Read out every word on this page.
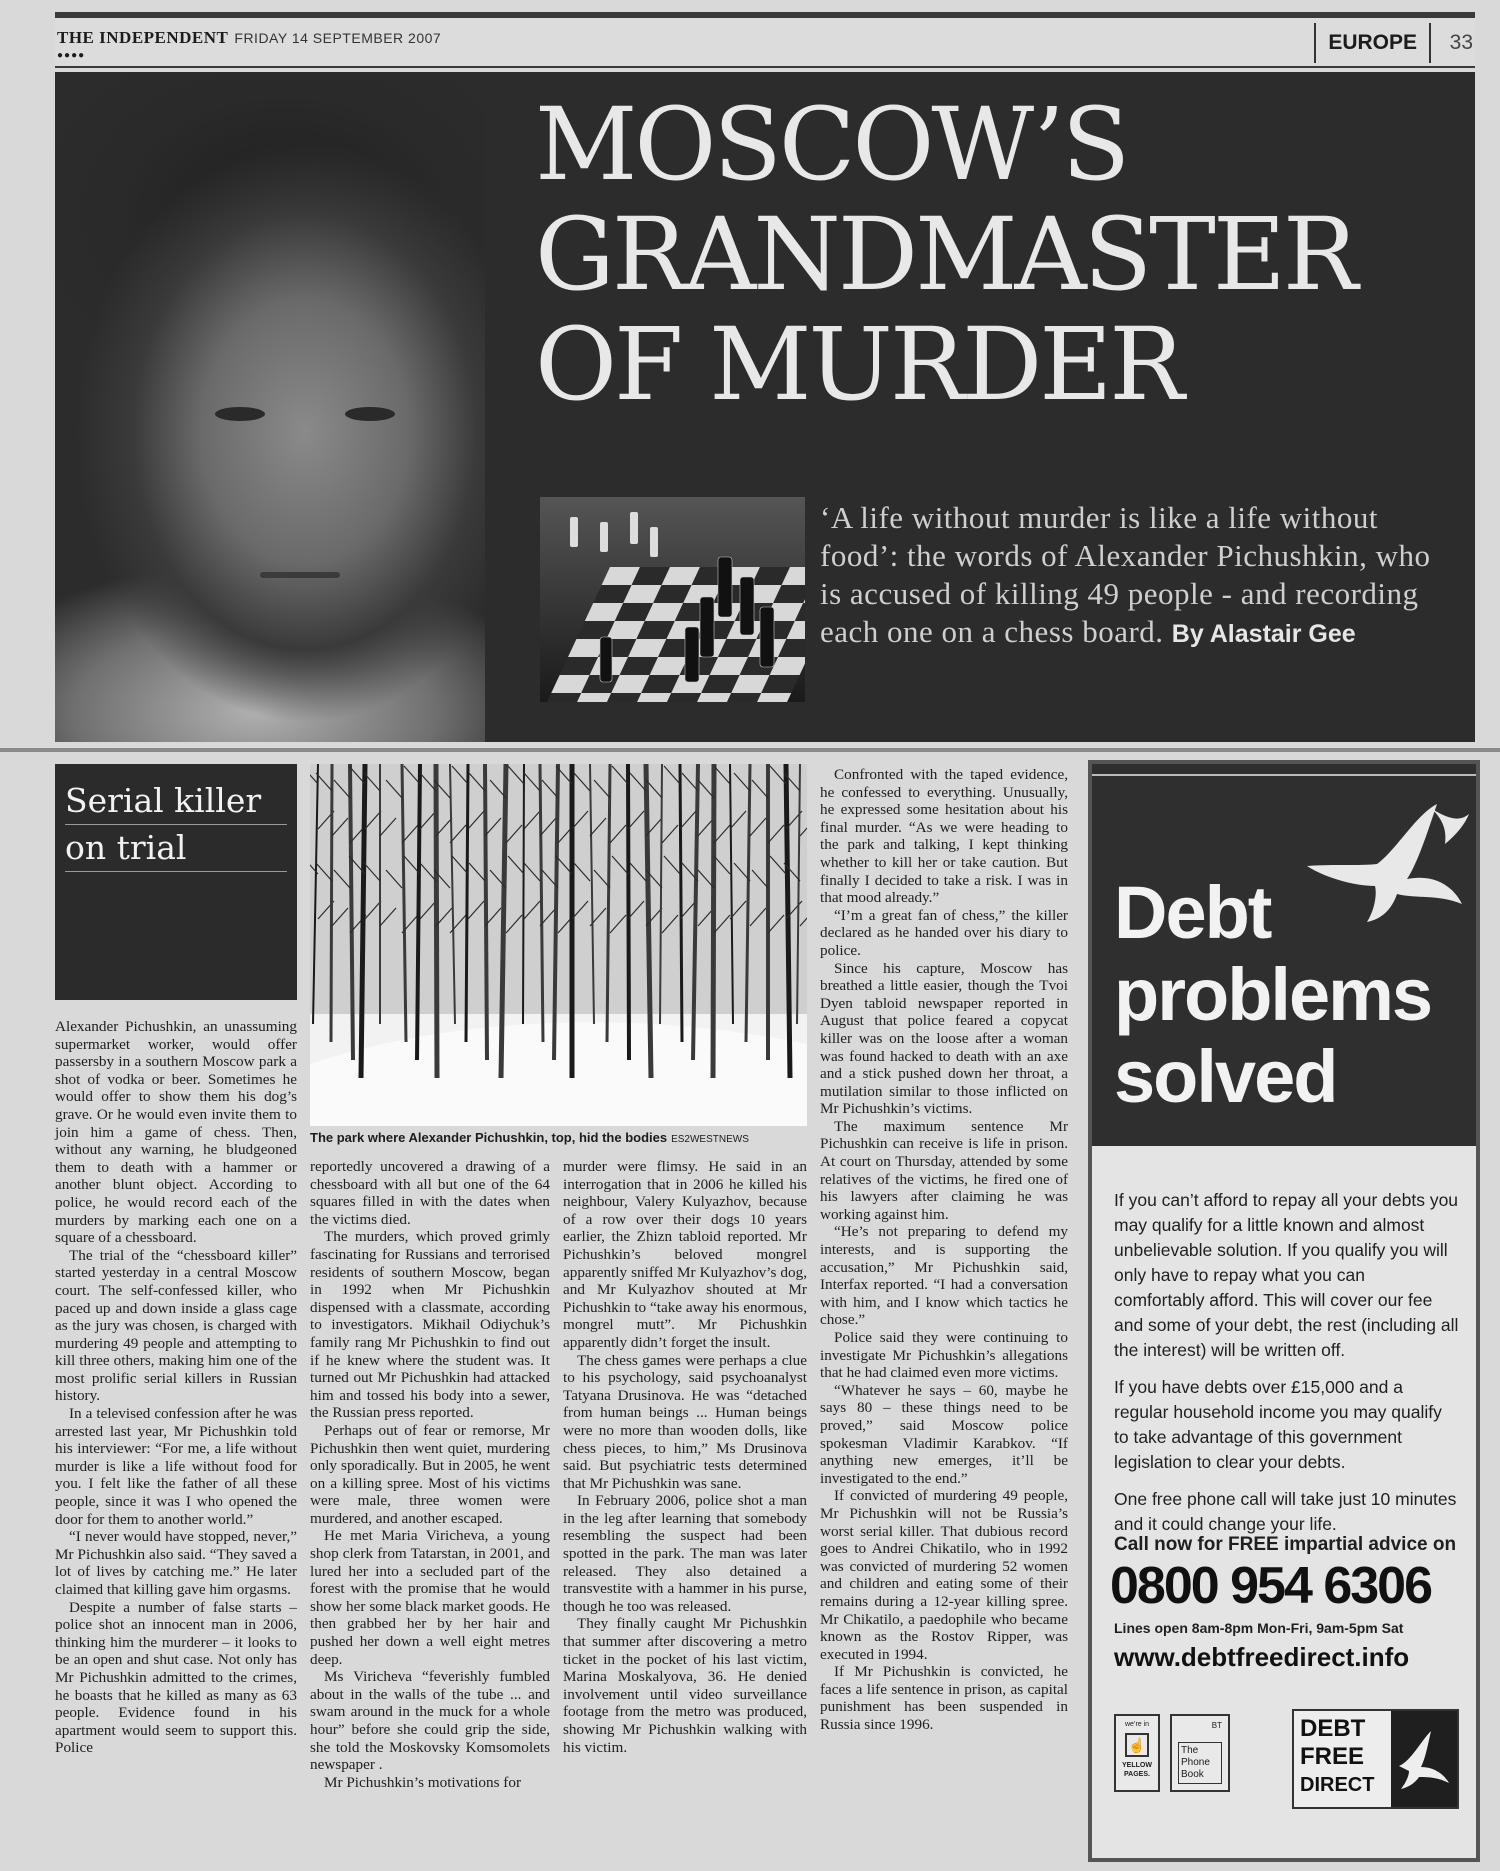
THE INDEPENDENT FRIDAY 14 SEPTEMBER 2007
●●●●
EUROPE	33
MOSCOW’S
GRANDMASTER
OF MURDER
‘A life without murder is like a life without food’: the words of Alexander Pichushkin, who is accused of killing 49 people - and recording each one on a chess board. By Alastair Gee
Serial killer
on trial
The park where Alexander Pichushkin, top, hid the bodies ES2WESTNEWS

Alexander Pichushkin, an unassuming supermarket worker, would offer passersby in a southern Moscow park a shot of vodka or beer. Sometimes he would offer to show them his dog’s grave. Or he would even invite them to join him a game of chess. Then, without any warning, he bludgeoned them to death with a hammer or another blunt object. According to police, he would record each of the murders by marking each one on a square of a chessboard.

The trial of the “chessboard killer” started yesterday in a central Moscow court. The self-confessed killer, who paced up and down inside a glass cage as the jury was chosen, is charged with murdering 49 people and attempting to kill three others, making him one of the most prolific serial killers in Russian history.

In a televised confession after he was arrested last year, Mr Pichushkin told his interviewer: “For me, a life without murder is like a life without food for you. I felt like the father of all these people, since it was I who opened the door for them to another world.”

“I never would have stopped, never,” Mr Pichushkin also said. “They saved a lot of lives by catching me.” He later claimed that killing gave him orgasms.

Despite a number of false starts – police shot an innocent man in 2006, thinking him the murderer – it looks to be an open and shut case. Not only has Mr Pichushkin admitted to the crimes, he boasts that he killed as many as 63 people. Evidence found in his apartment would seem to support this. Police

reportedly uncovered a drawing of a chessboard with all but one of the 64 squares filled in with the dates when the victims died.

The murders, which proved grimly fascinating for Russians and terrorised residents of southern Moscow, began in 1992 when Mr Pichushkin dispensed with a classmate, according to investigators. Mikhail Odiychuk’s family rang Mr Pichushkin to find out if he knew where the student was. It turned out Mr Pichushkin had attacked him and tossed his body into a sewer, the Russian press reported.

Perhaps out of fear or remorse, Mr Pichushkin then went quiet, murdering only sporadically. But in 2005, he went on a killing spree. Most of his victims were male, three women were murdered, and another escaped.

He met Maria Viricheva, a young shop clerk from Tatarstan, in 2001, and lured her into a secluded part of the forest with the promise that he would show her some black market goods. He then grabbed her by her hair and pushed her down a well eight metres deep.

Ms Viricheva “feverishly fumbled about in the walls of the tube ... and swam around in the muck for a whole hour” before she could grip the side, she told the Moskovsky Komsomolets newspaper .

Mr Pichushkin’s motivations for

murder were flimsy. He said in an interrogation that in 2006 he killed his neighbour, Valery Kulyazhov, because of a row over their dogs 10 years earlier, the Zhizn tabloid reported. Mr Pichushkin’s beloved mongrel apparently sniffed Mr Kulyazhov’s dog, and Mr Kulyazhov shouted at Mr Pichushkin to “take away his enormous, mongrel mutt”. Mr Pichushkin apparently didn’t forget the insult.

The chess games were perhaps a clue to his psychology, said psychoanalyst Tatyana Drusinova. He was “detached from human beings ... Human beings were no more than wooden dolls, like chess pieces, to him,” Ms Drusinova said. But psychiatric tests determined that Mr Pichushkin was sane.

In February 2006, police shot a man in the leg after learning that somebody resembling the suspect had been spotted in the park. The man was later released. They also detained a transvestite with a hammer in his purse, though he too was released.

They finally caught Mr Pichushkin that summer after discovering a metro ticket in the pocket of his last victim, Marina Moskalyova, 36. He denied involvement until video surveillance footage from the metro was produced, showing Mr Pichushkin walking with his victim.

Confronted with the taped evidence, he confessed to everything. Unusually, he expressed some hesitation about his final murder. “As we were heading to the park and talking, I kept thinking whether to kill her or take caution. But finally I decided to take a risk. I was in that mood already.”

“I’m a great fan of chess,” the killer declared as he handed over his diary to police.

Since his capture, Moscow has breathed a little easier, though the Tvoi Dyen tabloid newspaper reported in August that police feared a copycat killer was on the loose after a woman was found hacked to death with an axe and a stick pushed down her throat, a mutilation similar to those inflicted on Mr Pichushkin’s victims.

The maximum sentence Mr Pichushkin can receive is life in prison. At court on Thursday, attended by some relatives of the victims, he fired one of his lawyers after claiming he was working against him.

“He’s not preparing to defend my interests, and is supporting the accusation,” Mr Pichushkin said, Interfax reported. “I had a conversation with him, and I know which tactics he chose.”

Police said they were continuing to investigate Mr Pichushkin’s allegations that he had claimed even more victims.

“Whatever he says – 60, maybe he says 80 – these things need to be proved,” said Moscow police spokesman Vladimir Karabkov. “If anything new emerges, it’ll be investigated to the end.”

If convicted of murdering 49 people, Mr Pichushkin will not be Russia’s worst serial killer. That dubious record goes to Andrei Chikatilo, who in 1992 was convicted of murdering 52 women and children and eating some of their remains during a 12-year killing spree. Mr Chikatilo, a paedophile who became known as the Rostov Ripper, was executed in 1994.

If Mr Pichushkin is convicted, he faces a life sentence in prison, as capital punishment has been suspended in Russia since 1996.

Debt
problems
solved

If you can’t afford to repay all your debts you may qualify for a little known and almost unbelievable solution. If you qualify you will only have to repay what you can comfortably afford. This will cover our fee and some of your debt, the rest (including all the interest) will be written off.

If you have debts over £15,000 and a regular household income you may qualify to take advantage of this government legislation to clear your debts.

One free phone call will take just 10 minutes and it could change your life.

Call now for FREE impartial advice on
0800 954 6306
Lines open 8am-8pm Mon-Fri, 9am-5pm Sat
www.debtfreedirect.info
we’re in
☝
YELLOW PAGES.
BT
The Phone Book
DEBT
FREE
DIRECT
